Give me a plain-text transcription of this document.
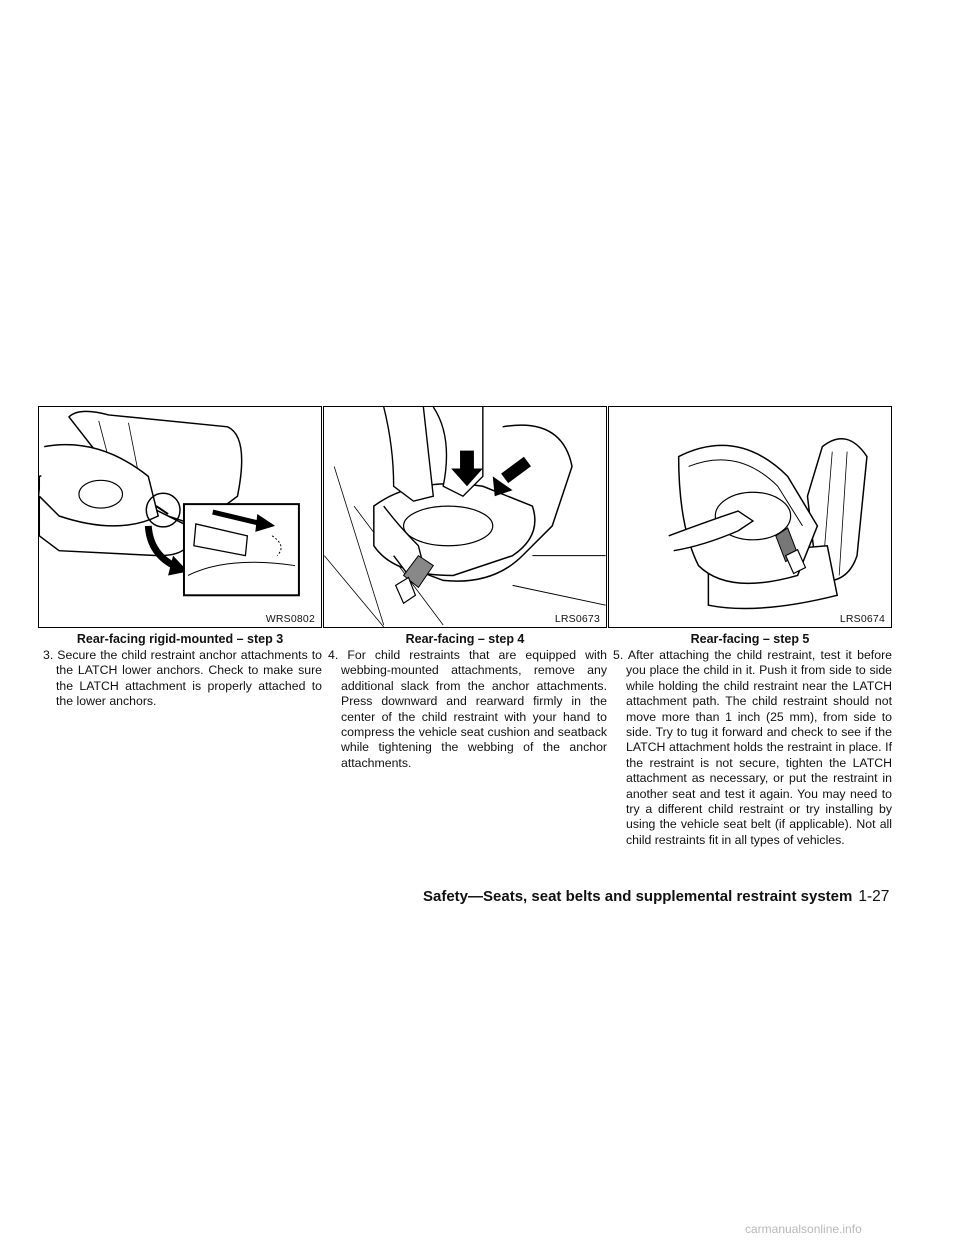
WRS0802
Rear-facing rigid-mounted – step 3

3. Secure the child restraint anchor attachments to the LATCH lower anchors. Check to make sure the LATCH attachment is properly attached to the lower anchors.

LRS0673
Rear-facing – step 4

4. For child restraints that are equipped with webbing-mounted attachments, remove any additional slack from the anchor attachments. Press downward and rearward firmly in the center of the child restraint with your hand to compress the vehicle seat cushion and seatback while tightening the webbing of the anchor attachments.

LRS0674
Rear-facing – step 5

5. After attaching the child restraint, test it before you place the child in it. Push it from side to side while holding the child restraint near the LATCH attachment path. The child restraint should not move more than 1 inch (25 mm), from side to side. Try to tug it forward and check to see if the LATCH attachment holds the restraint in place. If the restraint is not secure, tighten the LATCH attachment as necessary, or put the restraint in another seat and test it again. You may need to try a different child restraint or try installing by using the vehicle seat belt (if applicable). Not all child restraints fit in all types of vehicles.

Safety—Seats, seat belts and supplemental restraint system 1-27
carmanualsonline.info
